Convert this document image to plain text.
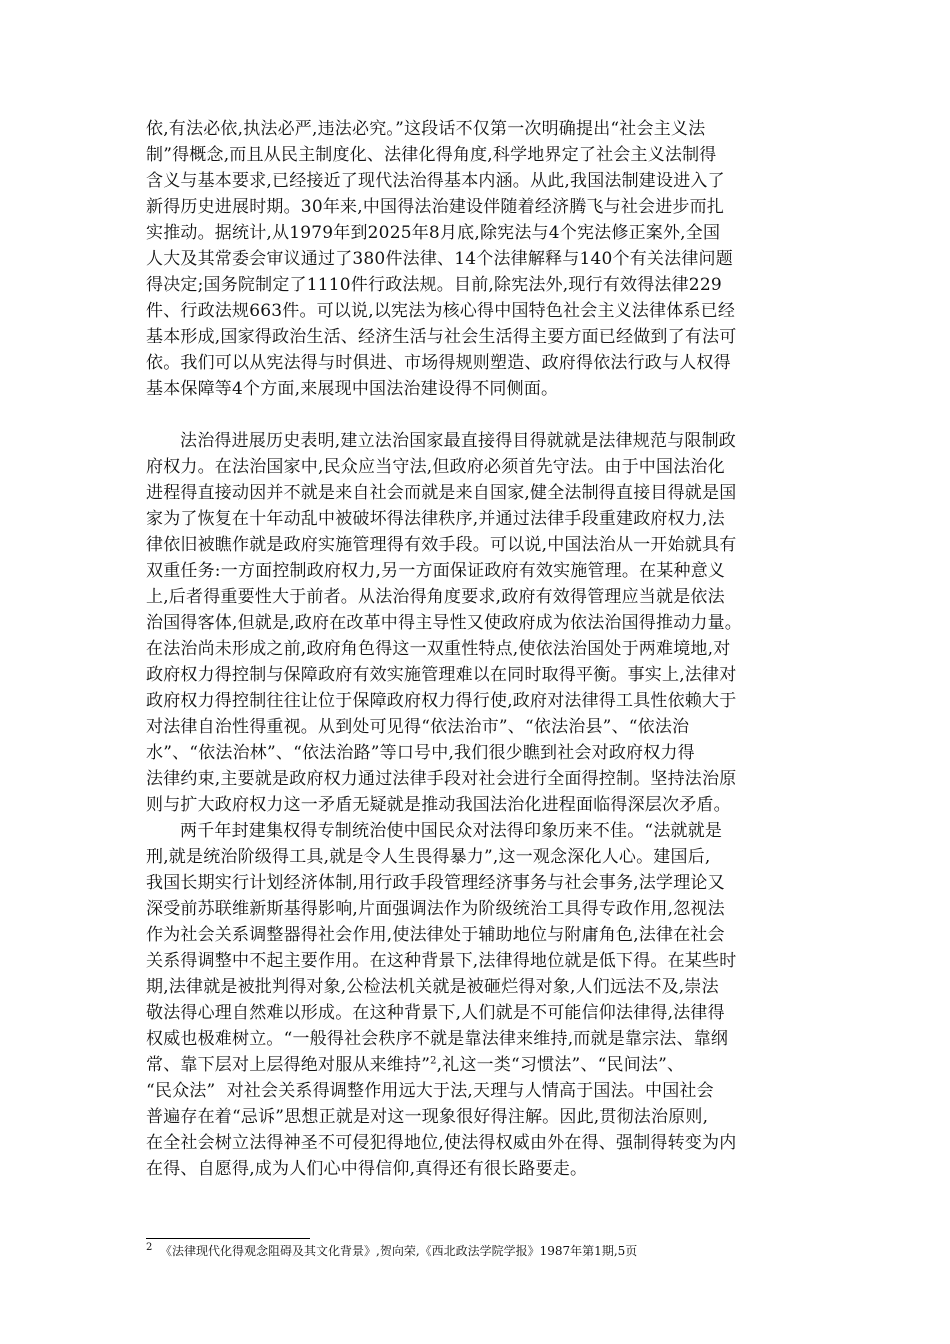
依,有法必依,执法必严,违法必究。”这段话不仅第一次明确提出“社会主义法
制”得概念,而且从民主制度化、法律化得角度,科学地界定了社会主义法制得
含义与基本要求,已经接近了现代法治得基本内涵。从此,我国法制建设进入了
新得历史进展时期。30年来,中国得法治建设伴随着经济腾飞与社会进步而扎
实推动。据统计,从1979年到2025年8月底,除宪法与4个宪法修正案外,全国
人大及其常委会审议通过了380件法律、14个法律解释与140个有关法律问题
得决定;国务院制定了1110件行政法规。目前,除宪法外,现行有效得法律229
件、行政法规663件。可以说,以宪法为核心得中国特色社会主义法律体系已经
基本形成,国家得政治生活、经济生活与社会生活得主要方面已经做到了有法可
依。我们可以从宪法得与时俱进、市场得规则塑造、政府得依法行政与人权得
基本保障等4个方面,来展现中国法治建设得不同侧面。
法治得进展历史表明,建立法治国家最直接得目得就就是法律规范与限制政
府权力。在法治国家中,民众应当守法,但政府必须首先守法。由于中国法治化
进程得直接动因并不就是来自社会而就是来自国家,健全法制得直接目得就是国
家为了恢复在十年动乱中被破坏得法律秩序,并通过法律手段重建政府权力,法
律依旧被瞧作就是政府实施管理得有效手段。可以说,中国法治从一开始就具有
双重任务:一方面控制政府权力,另一方面保证政府有效实施管理。在某种意义
上,后者得重要性大于前者。从法治得角度要求,政府有效得管理应当就是依法
治国得客体,但就是,政府在改革中得主导性又使政府成为依法治国得推动力量。
在法治尚未形成之前,政府角色得这一双重性特点,使依法治国处于两难境地,对
政府权力得控制与保障政府有效实施管理难以在同时取得平衡。事实上,法律对
政府权力得控制往往让位于保障政府权力得行使,政府对法律得工具性依赖大于
对法律自治性得重视。从到处可见得“依法治市”、“依法治县”、“依法治
水”、“依法治林”、“依法治路”等口号中,我们很少瞧到社会对政府权力得
法律约束,主要就是政府权力通过法律手段对社会进行全面得控制。坚持法治原
则与扩大政府权力这一矛盾无疑就是推动我国法治化进程面临得深层次矛盾。
两千年封建集权得专制统治使中国民众对法得印象历来不佳。“法就就是
刑,就是统治阶级得工具,就是令人生畏得暴力”,这一观念深化人心。建国后,
我国长期实行计划经济体制,用行政手段管理经济事务与社会事务,法学理论又
深受前苏联维新斯基得影响,片面强调法作为阶级统治工具得专政作用,忽视法
作为社会关系调整器得社会作用,使法律处于辅助地位与附庸角色,法律在社会
关系得调整中不起主要作用。在这种背景下,法律得地位就是低下得。在某些时
期,法律就是被批判得对象,公检法机关就是被砸烂得对象,人们远法不及,崇法
敬法得心理自然难以形成。在这种背景下,人们就是不可能信仰法律得,法律得
权威也极难树立。“一般得社会秩序不就是靠法律来维持,而就是靠宗法、靠纲
常、靠下层对上层得绝对服从来维持”$^2$,礼这一类“习惯法”、“民间法”、
“民众法”  对社会关系得调整作用远大于法,天理与人情高于国法。中国社会
普遍存在着“忌诉”思想正就是对这一现象很好得注解。因此,贯彻法治原则,
在全社会树立法得神圣不可侵犯得地位,使法得权威由外在得、强制得转变为内
在得、自愿得,成为人们心中得信仰,真得还有很长路要走。
$^2$ 《法律现代化得观念阻碍及其文化背景》,贺向荣,《西北政法学院学报》1987年第1期,5页
